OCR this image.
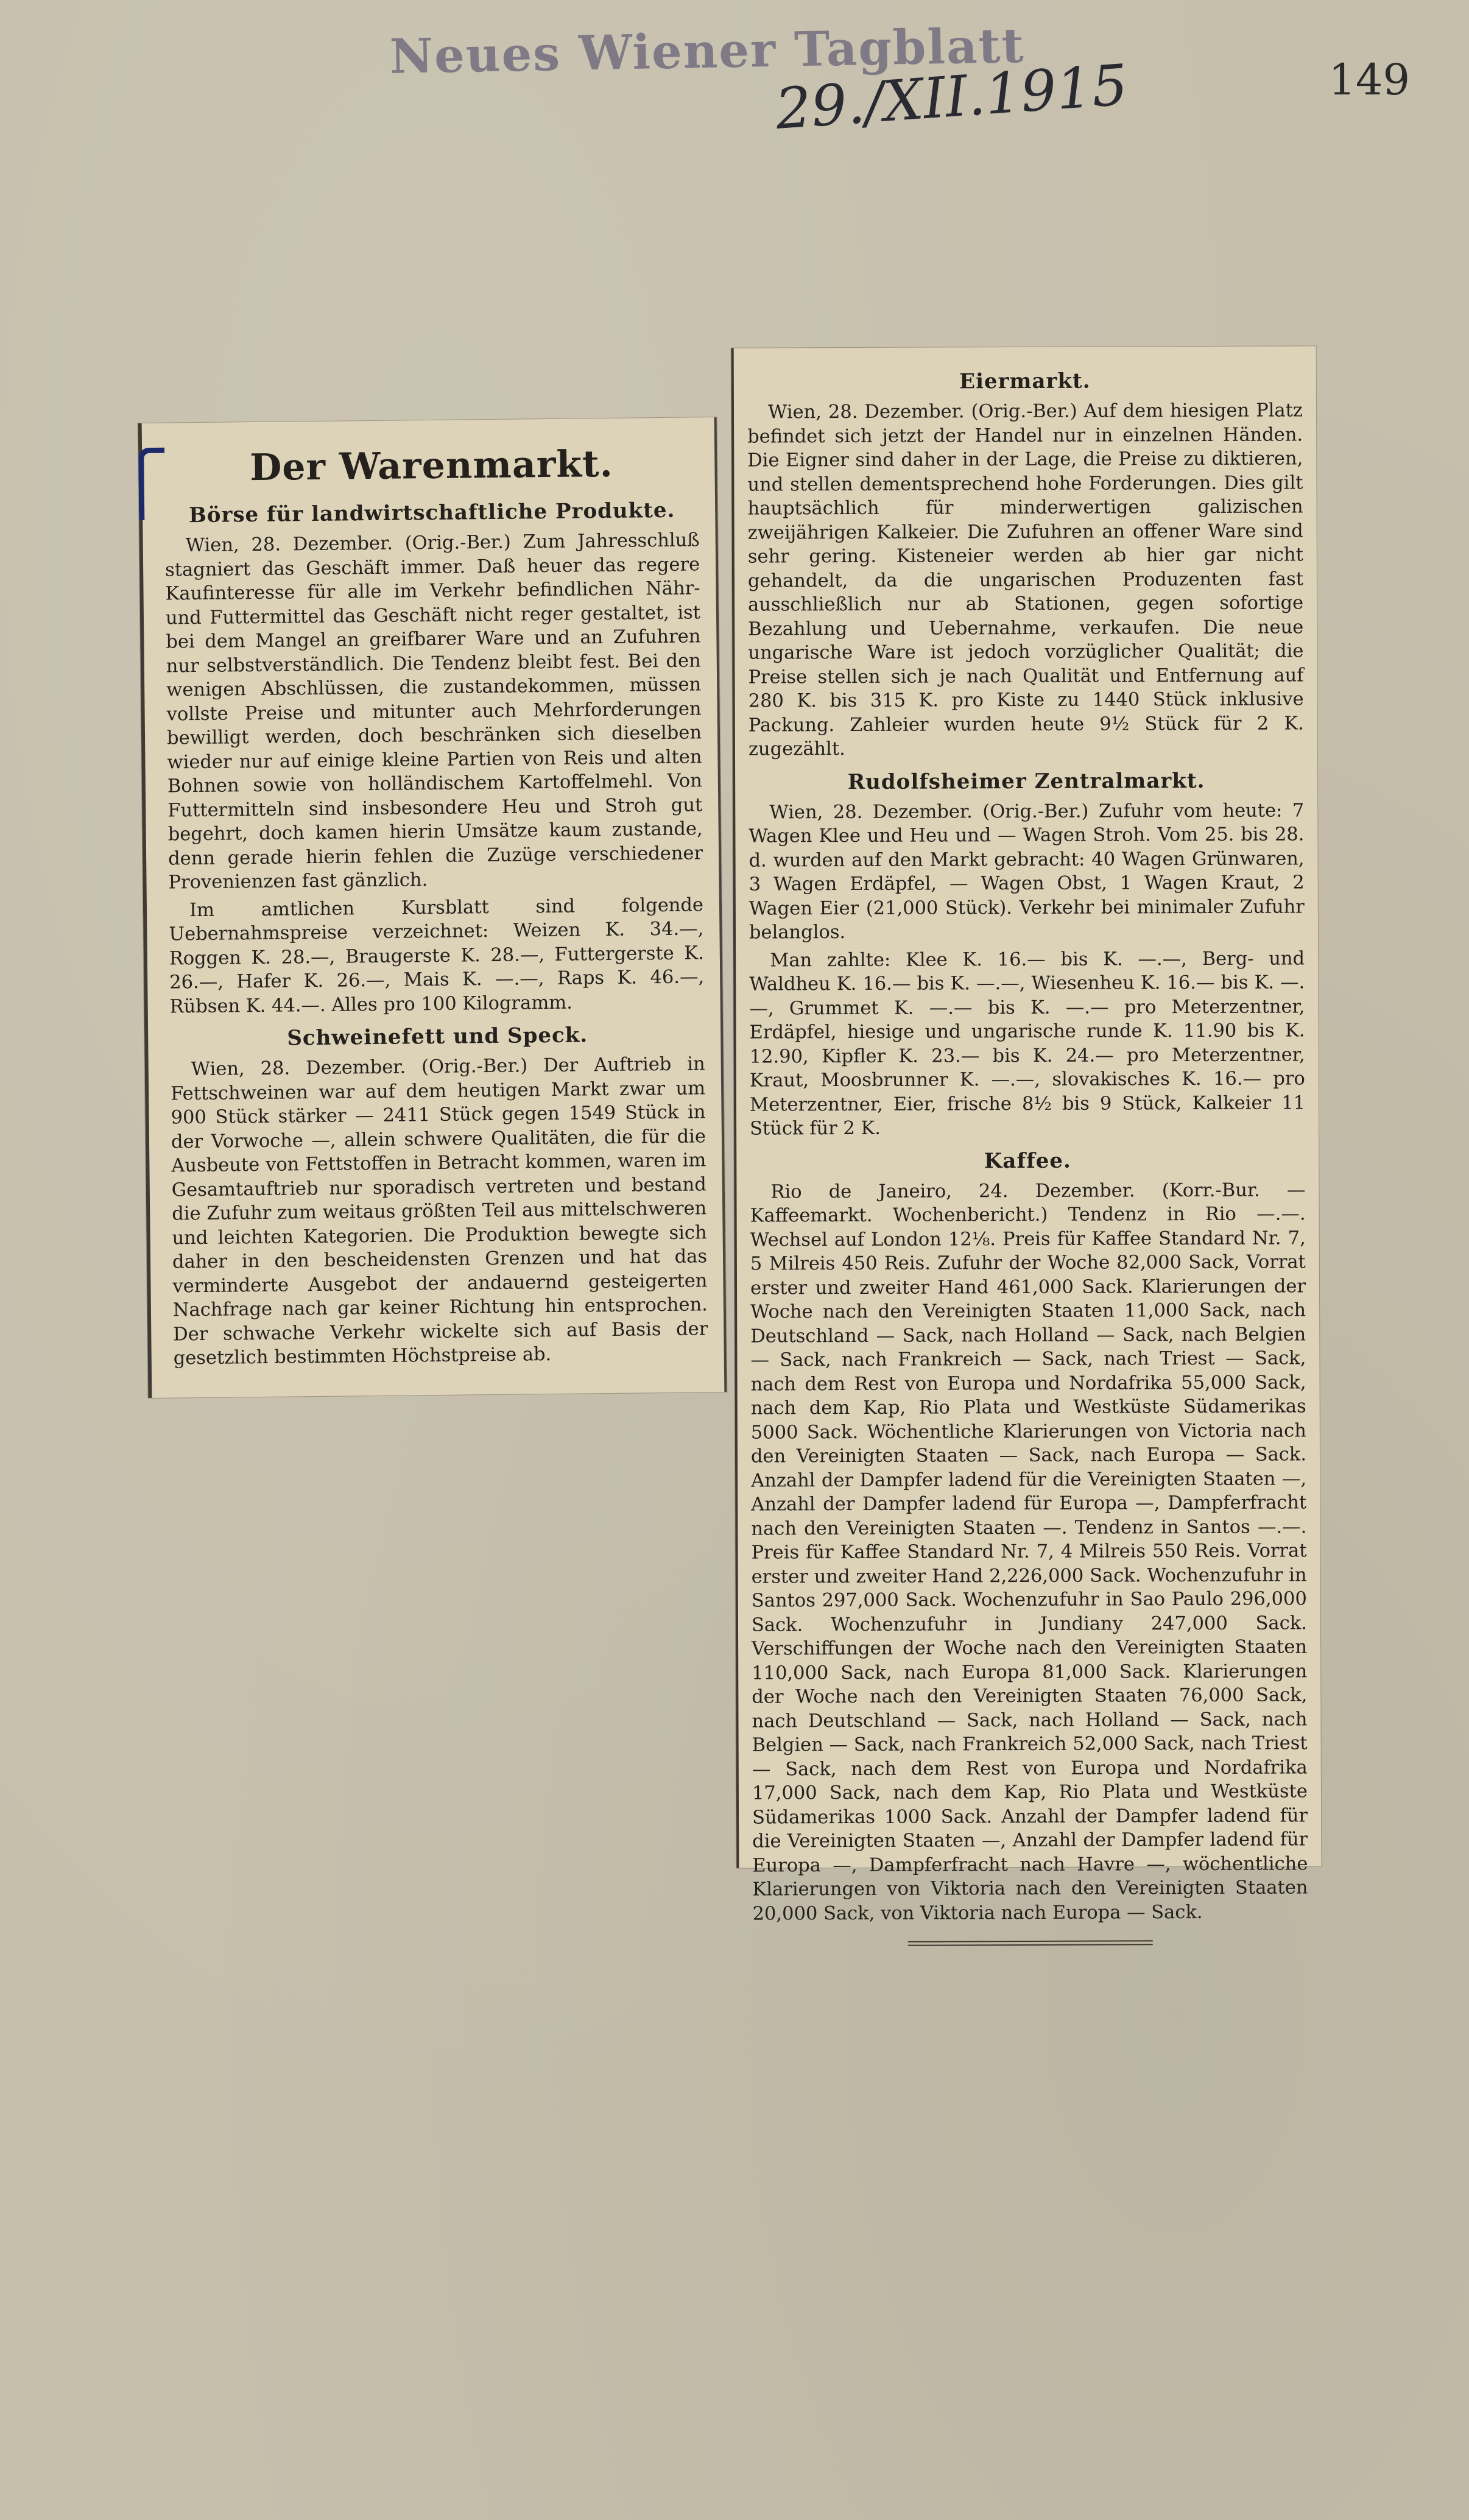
Neues Wiener Tagblatt
29./XII.1915	149
Der Warenmarkt.
Börse für landwirtschaftliche Produkte.

Wien, 28. Dezember. (Orig.-Ber.) Zum Jahresschluß stagniert das Geschäft immer. Daß heuer das regere Kaufinteresse für alle im Verkehr befindlichen Nähr- und Futtermittel das Geschäft nicht reger gestaltet, ist bei dem Mangel an greifbarer Ware und an Zufuhren nur selbstverständlich. Die Tendenz bleibt fest. Bei den wenigen Abschlüssen, die zustandekommen, müssen vollste Preise und mitunter auch Mehrforderungen bewilligt werden, doch beschränken sich dieselben wieder nur auf einige kleine Partien von Reis und alten Bohnen sowie von holländischem Kartoffelmehl. Von Futtermitteln sind insbesondere Heu und Stroh gut begehrt, doch kamen hierin Umsätze kaum zustande, denn gerade hierin fehlen die Zuzüge verschiedener Provenienzen fast gänzlich.

Im amtlichen Kursblatt sind folgende Uebernahmspreise verzeichnet: Weizen K. 34.—, Roggen K. 28.—, Braugerste K. 28.—, Futtergerste K. 26.—, Hafer K. 26.—, Mais K. —.—, Raps K. 46.—, Rübsen K. 44.—. Alles pro 100 Kilogramm.

Schweinefett und Speck.

Wien, 28. Dezember. (Orig.-Ber.) Der Auftrieb in Fettschweinen war auf dem heutigen Markt zwar um 900 Stück stärker — 2411 Stück gegen 1549 Stück in der Vorwoche —, allein schwere Qualitäten, die für die Ausbeute von Fettstoffen in Betracht kommen, waren im Gesamtauftrieb nur sporadisch vertreten und bestand die Zufuhr zum weitaus größten Teil aus mittelschweren und leichten Kategorien. Die Produktion bewegte sich daher in den bescheidensten Grenzen und hat das verminderte Ausgebot der andauernd gesteigerten Nachfrage nach gar keiner Richtung hin entsprochen. Der schwache Verkehr wickelte sich auf Basis der gesetzlich bestimmten Höchstpreise ab.

Eiermarkt.

Wien, 28. Dezember. (Orig.-Ber.) Auf dem hiesigen Platz befindet sich jetzt der Handel nur in einzelnen Händen. Die Eigner sind daher in der Lage, die Preise zu diktieren, und stellen dementsprechend hohe Forderungen. Dies gilt hauptsächlich für minderwertigen galizischen zweijährigen Kalkeier. Die Zufuhren an offener Ware sind sehr gering. Kisteneier werden ab hier gar nicht gehandelt, da die ungarischen Produzenten fast ausschließlich nur ab Stationen, gegen sofortige Bezahlung und Uebernahme, verkaufen. Die neue ungarische Ware ist jedoch vorzüglicher Qualität; die Preise stellen sich je nach Qualität und Entfernung auf 280 K. bis 315 K. pro Kiste zu 1440 Stück inklusive Packung. Zahleier wurden heute 9½ Stück für 2 K. zugezählt.

Rudolfsheimer Zentralmarkt.

Wien, 28. Dezember. (Orig.-Ber.) Zufuhr vom heute: 7 Wagen Klee und Heu und — Wagen Stroh. Vom 25. bis 28. d. wurden auf den Markt gebracht: 40 Wagen Grünwaren, 3 Wagen Erdäpfel, — Wagen Obst, 1 Wagen Kraut, 2 Wagen Eier (21,000 Stück). Verkehr bei minimaler Zufuhr belanglos.

Man zahlte: Klee K. 16.— bis K. —.—, Berg- und Waldheu K. 16.— bis K. —.—, Wiesenheu K. 16.— bis K. —.—, Grummet K. —.— bis K. —.— pro Meterzentner, Erdäpfel, hiesige und ungarische runde K. 11.90 bis K. 12.90, Kipfler K. 23.— bis K. 24.— pro Meterzentner, Kraut, Moosbrunner K. —.—, slovakisches K. 16.— pro Meterzentner, Eier, frische 8½ bis 9 Stück, Kalkeier 11 Stück für 2 K.

Kaffee.

Rio de Janeiro, 24. Dezember. (Korr.-Bur. — Kaffeemarkt. Wochenbericht.) Tendenz in Rio —.—. Wechsel auf London 12⅛. Preis für Kaffee Standard Nr. 7, 5 Milreis 450 Reis. Zufuhr der Woche 82,000 Sack, Vorrat erster und zweiter Hand 461,000 Sack. Klarierungen der Woche nach den Vereinigten Staaten 11,000 Sack, nach Deutschland — Sack, nach Holland — Sack, nach Belgien — Sack, nach Frankreich — Sack, nach Triest — Sack, nach dem Rest von Europa und Nordafrika 55,000 Sack, nach dem Kap, Rio Plata und Westküste Südamerikas 5000 Sack. Wöchentliche Klarierungen von Victoria nach den Vereinigten Staaten — Sack, nach Europa — Sack. Anzahl der Dampfer ladend für die Vereinigten Staaten —, Anzahl der Dampfer ladend für Europa —, Dampferfracht nach den Vereinigten Staaten —. Tendenz in Santos —.—. Preis für Kaffee Standard Nr. 7, 4 Milreis 550 Reis. Vorrat erster und zweiter Hand 2,226,000 Sack. Wochenzufuhr in Santos 297,000 Sack. Wochenzufuhr in Sao Paulo 296,000 Sack. Wochenzufuhr in Jundiany 247,000 Sack. Verschiffungen der Woche nach den Vereinigten Staaten 110,000 Sack, nach Europa 81,000 Sack. Klarierungen der Woche nach den Vereinigten Staaten 76,000 Sack, nach Deutschland — Sack, nach Holland — Sack, nach Belgien — Sack, nach Frankreich 52,000 Sack, nach Triest — Sack, nach dem Rest von Europa und Nordafrika 17,000 Sack, nach dem Kap, Rio Plata und Westküste Südamerikas 1000 Sack. Anzahl der Dampfer ladend für die Vereinigten Staaten —, Anzahl der Dampfer ladend für Europa —, Dampferfracht nach Havre —, wöchentliche Klarierungen von Viktoria nach den Vereinigten Staaten 20,000 Sack, von Viktoria nach Europa — Sack.
